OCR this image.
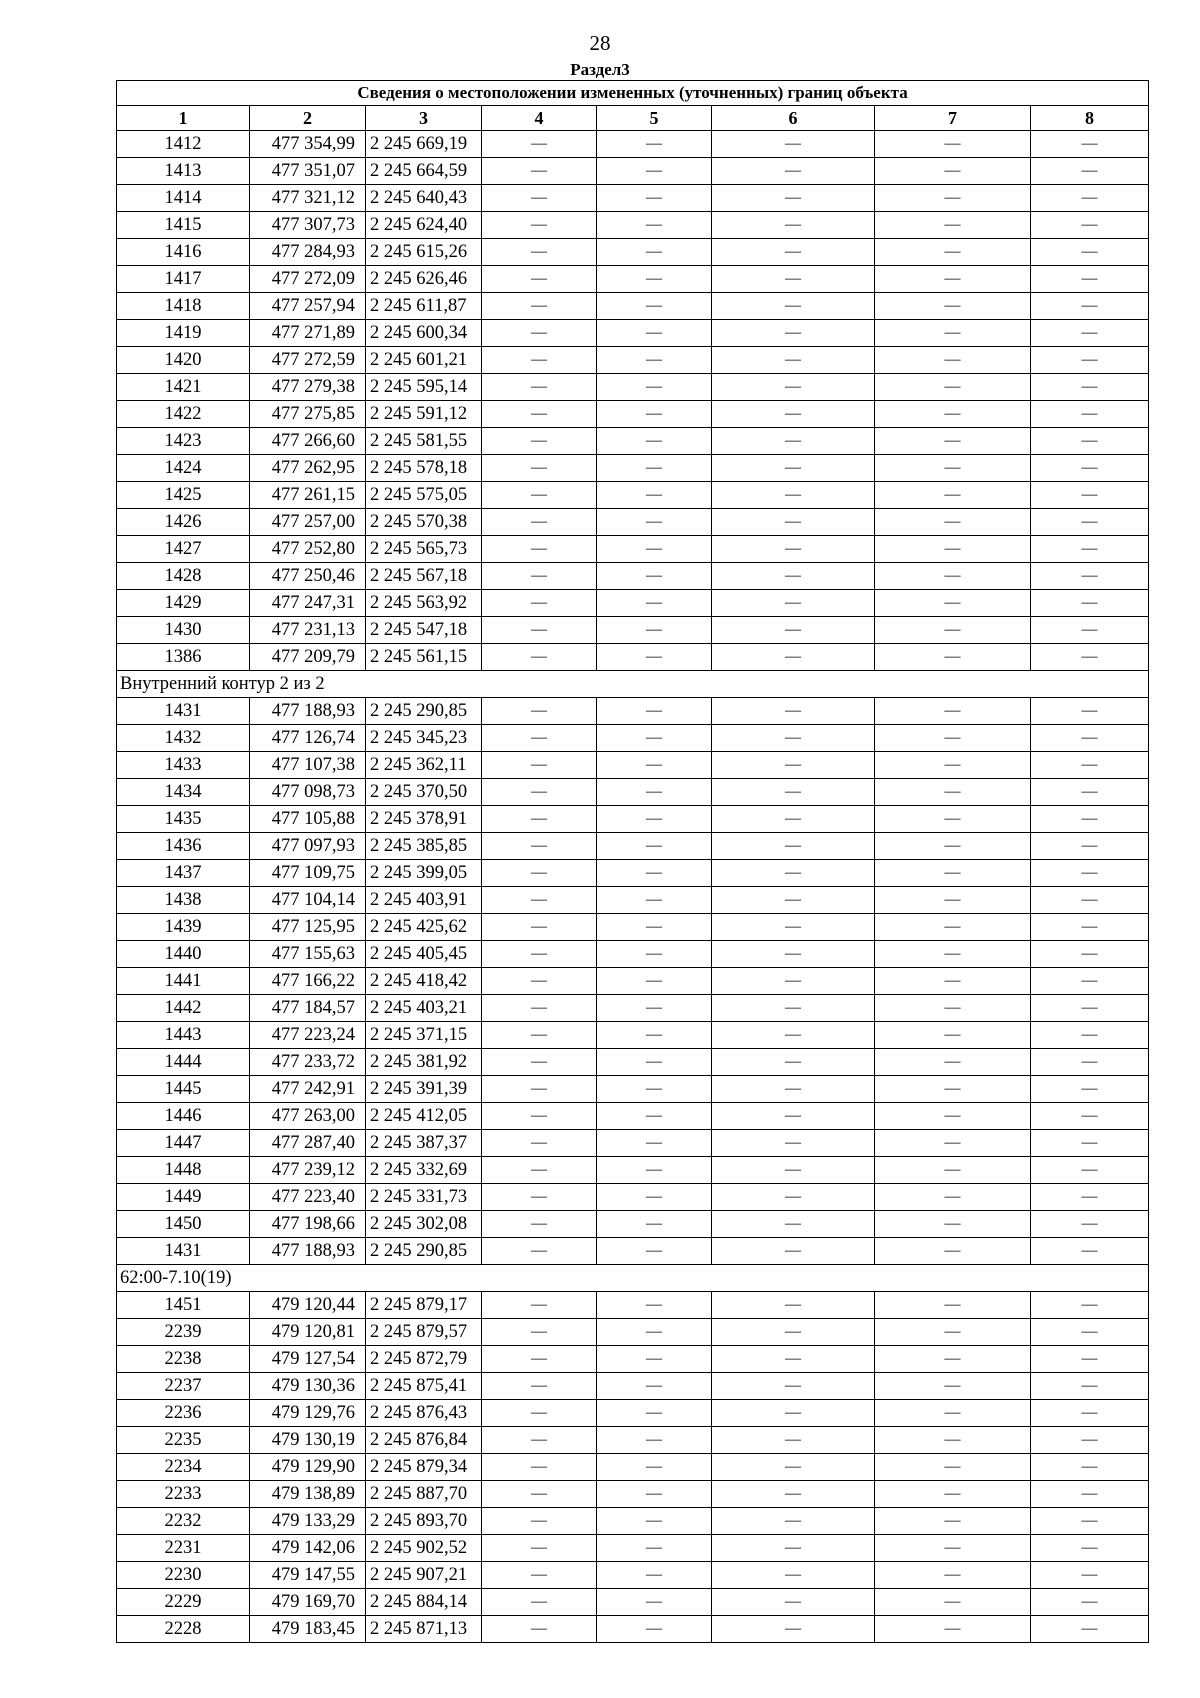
28
Раздел3
Сведения о местоположении измененных (уточненных) границ объекта							
1	2	3	4	5	6	7	8
1412	477 354,99	2 245 669,19	—	—	—	—	—
1413	477 351,07	2 245 664,59	—	—	—	—	—
1414	477 321,12	2 245 640,43	—	—	—	—	—
1415	477 307,73	2 245 624,40	—	—	—	—	—
1416	477 284,93	2 245 615,26	—	—	—	—	—
1417	477 272,09	2 245 626,46	—	—	—	—	—
1418	477 257,94	2 245 611,87	—	—	—	—	—
1419	477 271,89	2 245 600,34	—	—	—	—	—
1420	477 272,59	2 245 601,21	—	—	—	—	—
1421	477 279,38	2 245 595,14	—	—	—	—	—
1422	477 275,85	2 245 591,12	—	—	—	—	—
1423	477 266,60	2 245 581,55	—	—	—	—	—
1424	477 262,95	2 245 578,18	—	—	—	—	—
1425	477 261,15	2 245 575,05	—	—	—	—	—
1426	477 257,00	2 245 570,38	—	—	—	—	—
1427	477 252,80	2 245 565,73	—	—	—	—	—
1428	477 250,46	2 245 567,18	—	—	—	—	—
1429	477 247,31	2 245 563,92	—	—	—	—	—
1430	477 231,13	2 245 547,18	—	—	—	—	—
1386	477 209,79	2 245 561,15	—	—	—	—	—
Внутренний контур 2 из 2							
1431	477 188,93	2 245 290,85	—	—	—	—	—
1432	477 126,74	2 245 345,23	—	—	—	—	—
1433	477 107,38	2 245 362,11	—	—	—	—	—
1434	477 098,73	2 245 370,50	—	—	—	—	—
1435	477 105,88	2 245 378,91	—	—	—	—	—
1436	477 097,93	2 245 385,85	—	—	—	—	—
1437	477 109,75	2 245 399,05	—	—	—	—	—
1438	477 104,14	2 245 403,91	—	—	—	—	—
1439	477 125,95	2 245 425,62	—	—	—	—	—
1440	477 155,63	2 245 405,45	—	—	—	—	—
1441	477 166,22	2 245 418,42	—	—	—	—	—
1442	477 184,57	2 245 403,21	—	—	—	—	—
1443	477 223,24	2 245 371,15	—	—	—	—	—
1444	477 233,72	2 245 381,92	—	—	—	—	—
1445	477 242,91	2 245 391,39	—	—	—	—	—
1446	477 263,00	2 245 412,05	—	—	—	—	—
1447	477 287,40	2 245 387,37	—	—	—	—	—
1448	477 239,12	2 245 332,69	—	—	—	—	—
1449	477 223,40	2 245 331,73	—	—	—	—	—
1450	477 198,66	2 245 302,08	—	—	—	—	—
1431	477 188,93	2 245 290,85	—	—	—	—	—
62:00-7.10(19)							
1451	479 120,44	2 245 879,17	—	—	—	—	—
2239	479 120,81	2 245 879,57	—	—	—	—	—
2238	479 127,54	2 245 872,79	—	—	—	—	—
2237	479 130,36	2 245 875,41	—	—	—	—	—
2236	479 129,76	2 245 876,43	—	—	—	—	—
2235	479 130,19	2 245 876,84	—	—	—	—	—
2234	479 129,90	2 245 879,34	—	—	—	—	—
2233	479 138,89	2 245 887,70	—	—	—	—	—
2232	479 133,29	2 245 893,70	—	—	—	—	—
2231	479 142,06	2 245 902,52	—	—	—	—	—
2230	479 147,55	2 245 907,21	—	—	—	—	—
2229	479 169,70	2 245 884,14	—	—	—	—	—
2228	479 183,45	2 245 871,13	—	—	—	—	—
